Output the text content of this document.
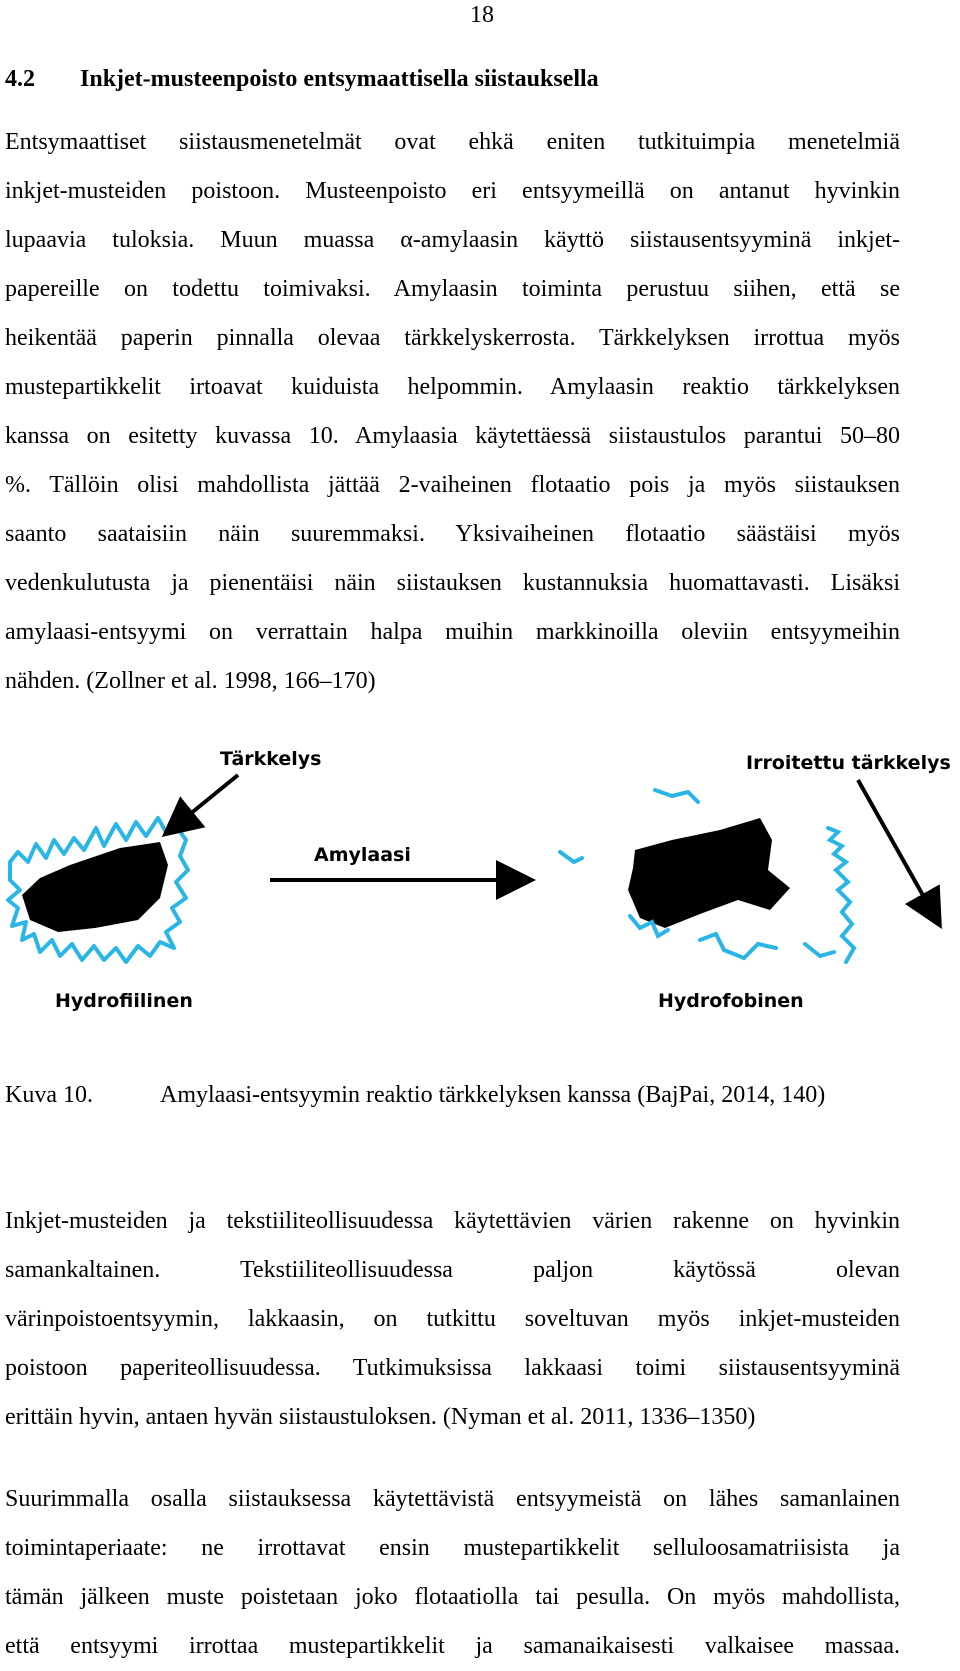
18
4.2 Inkjet-musteenpoisto entsymaattisella siistauksella
Entsymaattiset siistausmenetelmät ovat ehkä eniten tutkituimpia menetelmiä
inkjet-musteiden poistoon. Musteenpoisto eri entsyymeillä on antanut hyvinkin
lupaavia tuloksia. Muun muassa α-amylaasin käyttö siistausentsyyminä inkjet-
papereille on todettu toimivaksi. Amylaasin toiminta perustuu siihen, että se
heikentää paperin pinnalla olevaa tärkkelyskerrosta. Tärkkelyksen irrottua myös
mustepartikkelit irtoavat kuiduista helpommin. Amylaasin reaktio tärkkelyksen
kanssa on esitetty kuvassa 10. Amylaasia käytettäessä siistaustulos parantui 50–80
%. Tällöin olisi mahdollista jättää 2-vaiheinen flotaatio pois ja myös siistauksen
saanto saataisiin näin suuremmaksi. Yksivaiheinen flotaatio säästäisi myös
vedenkulutusta ja pienentäisi näin siistauksen kustannuksia huomattavasti. Lisäksi
amylaasi-entsyymi on verrattain halpa muihin markkinoilla oleviin entsyymeihin
nähden. (Zollner et al. 1998, 166–170)
Tärkkelys	Irroitettu tärkkelys
Amylaasi
Hydrofiilinen	Hydrofobinen
Kuva 10.	Amylaasi-entsyymin reaktio tärkkelyksen kanssa (BajPai, 2014, 140)
Inkjet-musteiden ja tekstiiliteollisuudessa käytettävien värien rakenne on hyvinkin
samankaltainen. Tekstiiliteollisuudessa paljon käytössä olevan
värinpoistoentsyymin, lakkaasin, on tutkittu soveltuvan myös inkjet-musteiden
poistoon paperiteollisuudessa. Tutkimuksissa lakkaasi toimi siistausentsyyminä
erittäin hyvin, antaen hyvän siistaustuloksen. (Nyman et al. 2011, 1336–1350)
Suurimmalla osalla siistauksessa käytettävistä entsyymeistä on lähes samanlainen
toimintaperiaate: ne irrottavat ensin mustepartikkelit selluloosamatriisista ja
tämän jälkeen muste poistetaan joko flotaatiolla tai pesulla. On myös mahdollista,
että entsyymi irrottaa mustepartikkelit ja samanaikaisesti valkaisee massaa.
